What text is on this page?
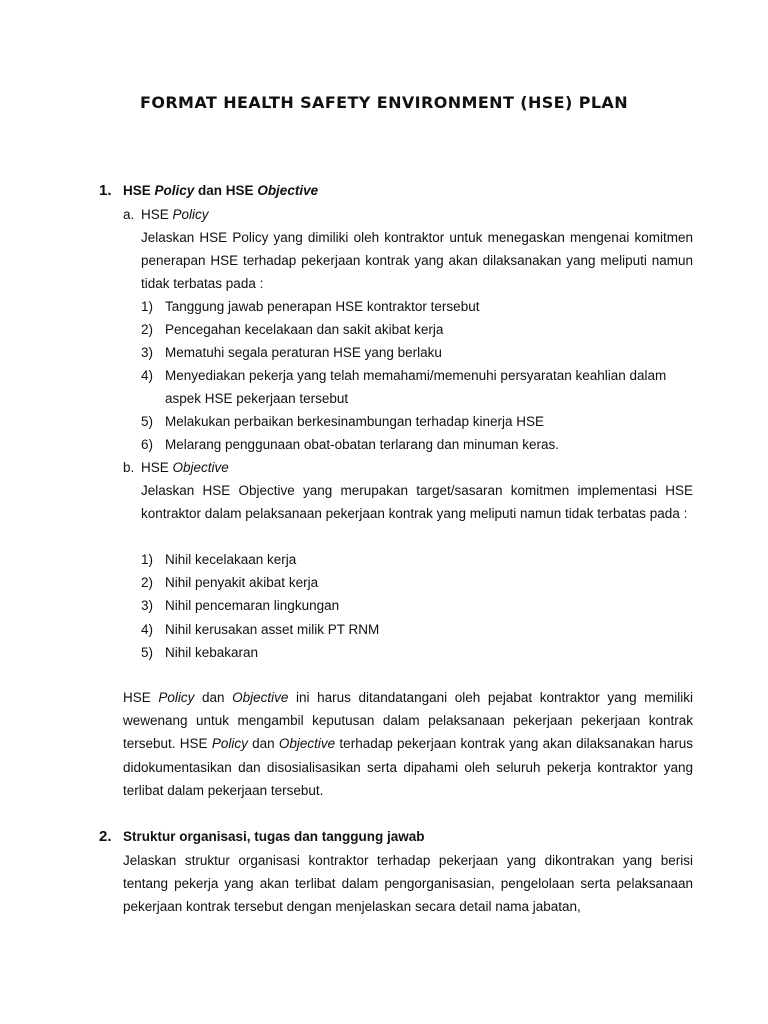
FORMAT HEALTH SAFETY ENVIRONMENT (HSE) PLAN
1. HSE Policy dan HSE Objective
a. HSE Policy
Jelaskan HSE Policy yang dimiliki oleh kontraktor untuk menegaskan mengenai komitmen penerapan HSE terhadap pekerjaan kontrak yang akan dilaksanakan yang meliputi namun tidak terbatas pada :
1) Tanggung jawab penerapan HSE kontraktor tersebut
2) Pencegahan kecelakaan dan sakit akibat kerja
3) Mematuhi segala peraturan HSE yang berlaku
4) Menyediakan pekerja yang telah memahami/memenuhi persyaratan keahlian dalam
aspek HSE pekerjaan tersebut
5) Melakukan perbaikan berkesinambungan terhadap kinerja HSE
6) Melarang penggunaan obat-obatan terlarang dan minuman keras.
b. HSE Objective
Jelaskan HSE Objective yang merupakan target/sasaran komitmen implementasi HSE kontraktor dalam pelaksanaan pekerjaan kontrak yang meliputi namun tidak terbatas pada :
1) Nihil kecelakaan kerja
2) Nihil penyakit akibat kerja
3) Nihil pencemaran lingkungan
4) Nihil kerusakan asset milik PT RNM
5) Nihil kebakaran
HSE Policy dan Objective ini harus ditandatangani oleh pejabat kontraktor yang memiliki wewenang untuk mengambil keputusan dalam pelaksanaan pekerjaan pekerjaan kontrak tersebut. HSE Policy dan Objective terhadap pekerjaan kontrak yang akan dilaksanakan harus didokumentasikan dan disosialisasikan serta dipahami oleh seluruh pekerja kontraktor yang terlibat dalam pekerjaan tersebut.
2. Struktur organisasi, tugas dan tanggung jawab
Jelaskan struktur organisasi kontraktor terhadap pekerjaan yang dikontrakan yang berisi tentang pekerja yang akan terlibat dalam pengorganisasian, pengelolaan serta pelaksanaan pekerjaan kontrak tersebut dengan menjelaskan secara detail nama jabatan,
